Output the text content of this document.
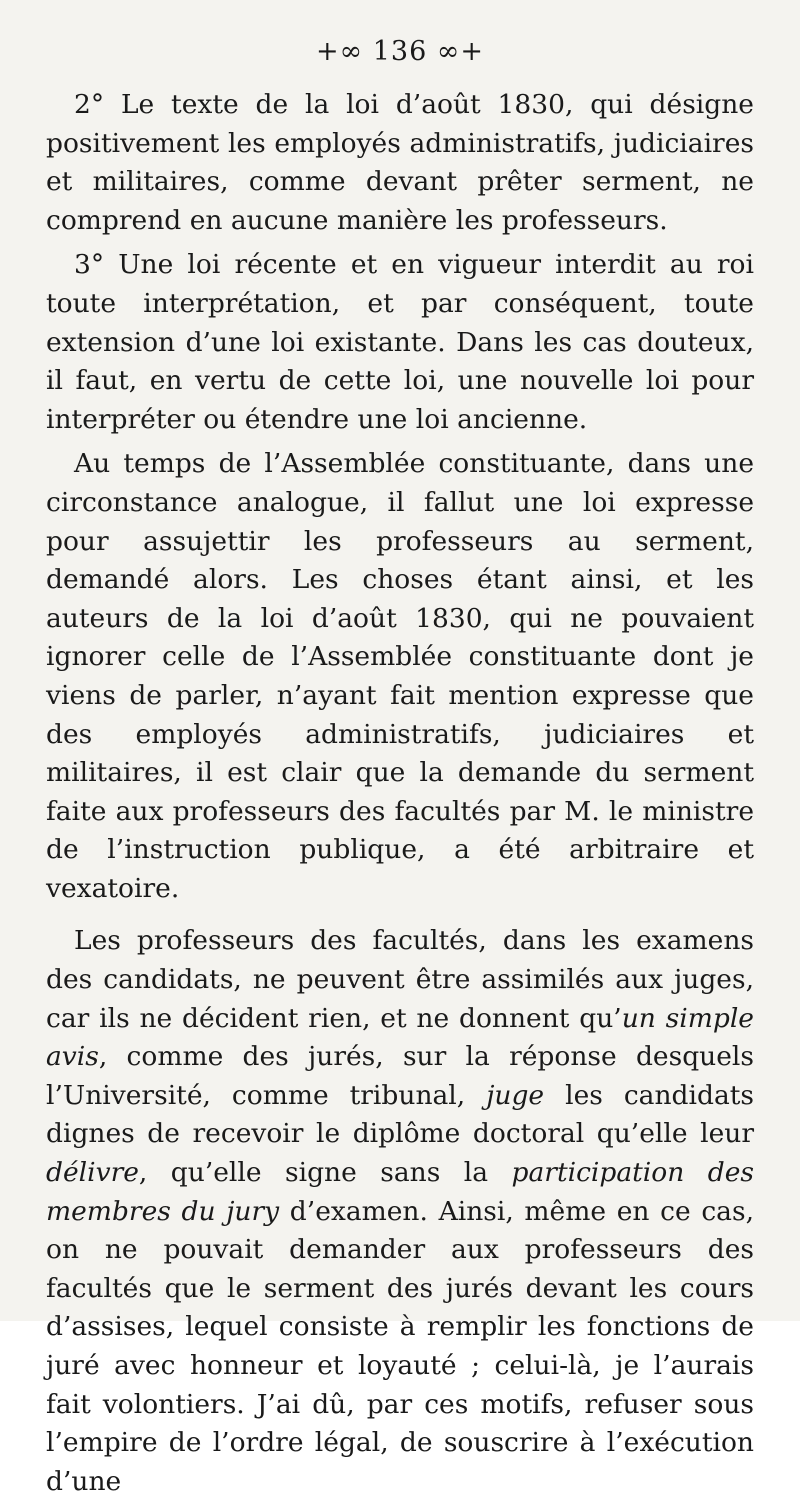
+∞ 136 ∞+

2° Le texte de la loi d’août 1830, qui désigne positivement les employés administratifs, judiciaires et militaires, comme devant prêter serment, ne comprend en aucune manière les professeurs.

3° Une loi récente et en vigueur interdit au roi toute interprétation, et par conséquent, toute extension d’une loi existante. Dans les cas douteux, il faut, en vertu de cette loi, une nouvelle loi pour interpréter ou étendre une loi ancienne.

Au temps de l’Assemblée constituante, dans une circonstance analogue, il fallut une loi expresse pour assujettir les professeurs au serment, demandé alors. Les choses étant ainsi, et les auteurs de la loi d’août 1830, qui ne pouvaient ignorer celle de l’Assemblée constituante dont je viens de parler, n’ayant fait mention expresse que des employés administratifs, judiciaires et militaires, il est clair que la demande du serment faite aux professeurs des facultés par M. le ministre de l’instruction publique, a été arbitraire et vexatoire.

Les professeurs des facultés, dans les examens des candidats, ne peuvent être assimilés aux juges, car ils ne décident rien, et ne donnent qu’un simple avis, comme des jurés, sur la réponse desquels l’Université, comme tribunal, juge les candidats dignes de recevoir le diplôme doctoral qu’elle leur délivre, qu’elle signe sans la participation des membres du jury d’examen. Ainsi, même en ce cas, on ne pouvait demander aux professeurs des facultés que le serment des jurés devant les cours d’assises, lequel consiste à remplir les fonctions de juré avec honneur et loyauté ; celui-là, je l’aurais fait volontiers. J’ai dû, par ces motifs, refuser sous l’empire de l’ordre légal, de souscrire à l’exécution d’une
